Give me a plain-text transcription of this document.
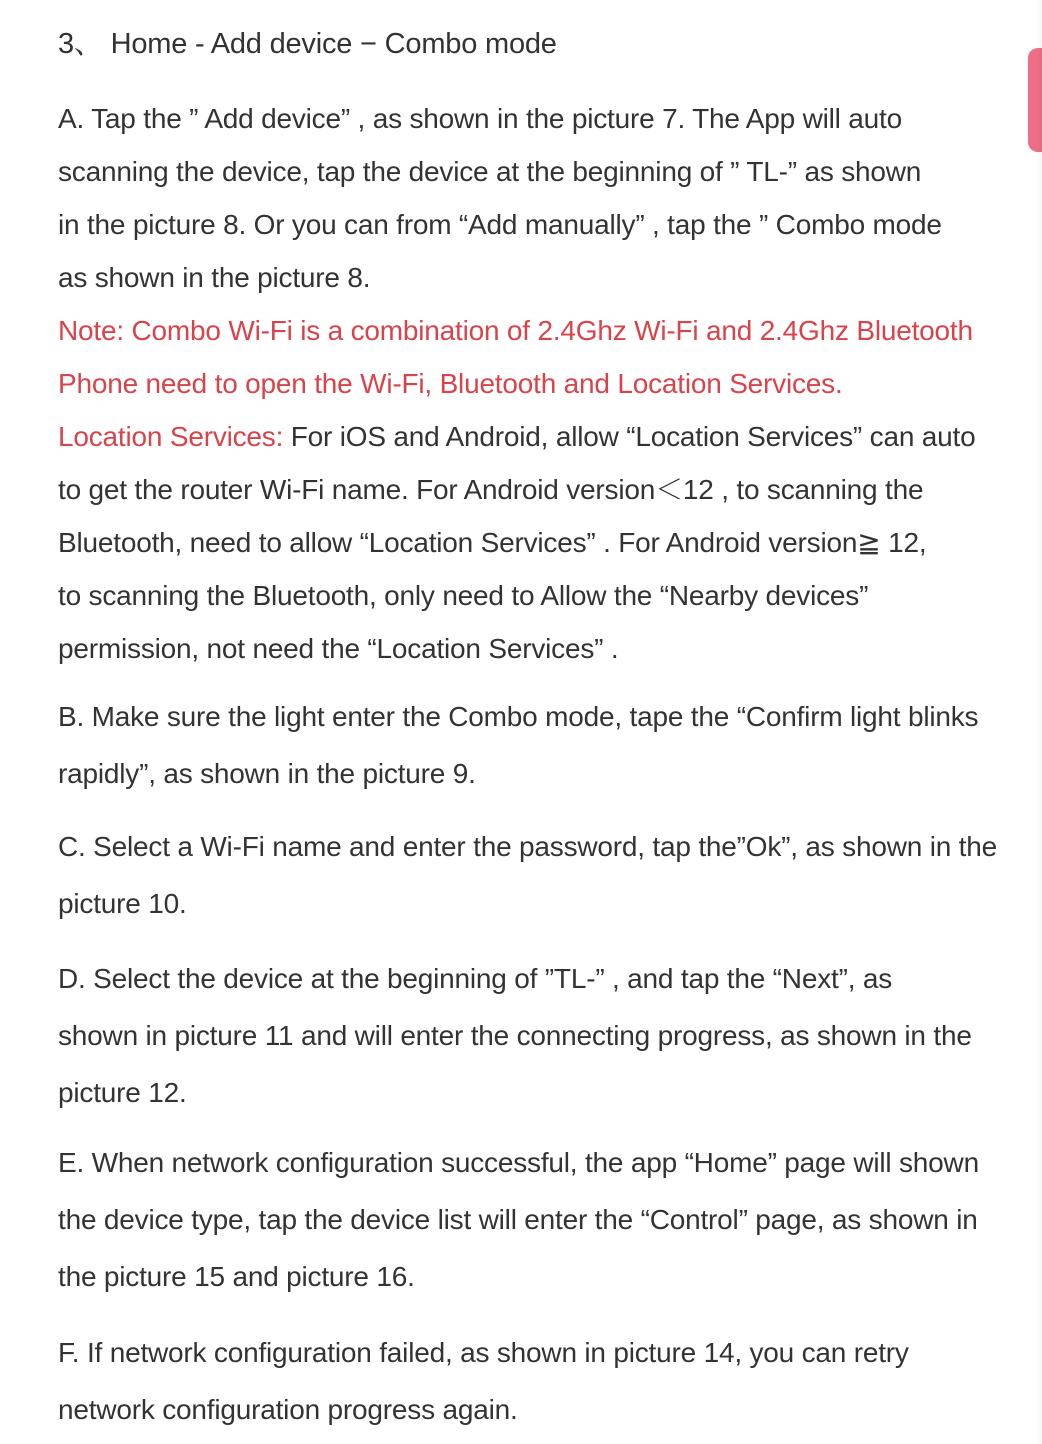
3、 Home - Add device − Combo mode
A. Tap the ” Add device” , as shown in the picture 7. The App will auto
scanning the device, tap the device at the beginning of ” TL-” as shown
in the picture 8. Or you can from “Add manually” , tap the ” Combo mode
as shown in the picture 8.
Note: Combo Wi-Fi is a combination of 2.4Ghz Wi-Fi and 2.4Ghz Bluetooth
Phone need to open the Wi-Fi, Bluetooth and Location Services.
Location Services: For iOS and Android, allow “Location Services” can auto
to get the router Wi-Fi name. For Android version＜12 , to scanning the
Bluetooth, need to allow “Location Services” . For Android version≧ 12,
to scanning the Bluetooth, only need to Allow the “Nearby devices”
permission, not need the “Location Services” .
B. Make sure the light enter the Combo mode, tape the “Confirm light blinks
rapidly”, as shown in the picture 9.
C. Select a Wi-Fi name and enter the password, tap the”Ok”, as shown in the
picture 10.
D. Select the device at the beginning of ”TL-” , and tap the “Next”, as
shown in picture 11 and will enter the connecting progress, as shown in the
picture 12.
E. When network configuration successful, the app “Home” page will shown
the device type, tap the device list will enter the “Control” page, as shown in
the picture 15 and picture 16.
F. If network configuration failed, as shown in picture 14, you can retry
network configuration progress again.
